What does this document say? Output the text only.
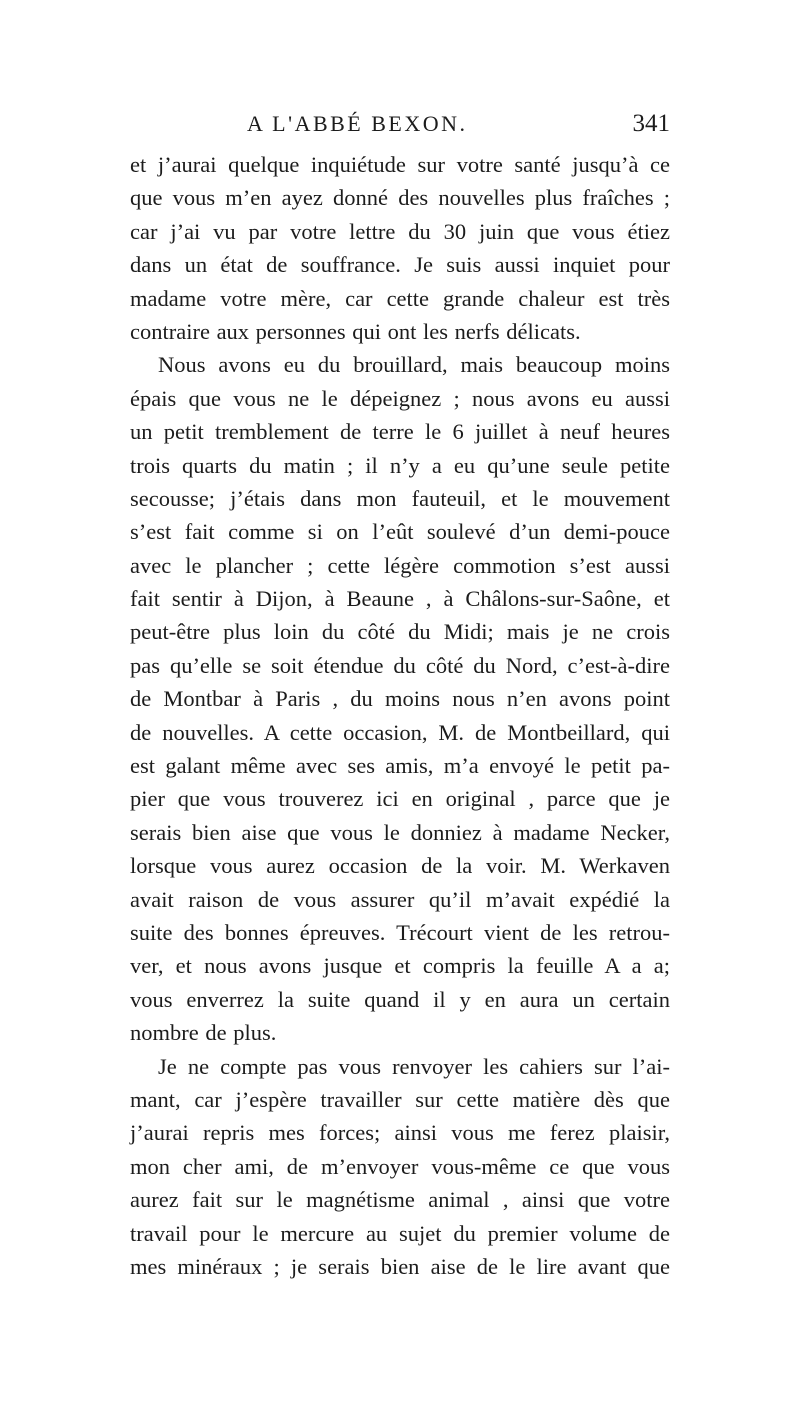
A L'ABBÉ BEXON.	341
et j’aurai quelque inquiétude sur votre santé jusqu’à ce
que vous m’en ayez donné des nouvelles plus fraîches ;
car j’ai vu par votre lettre du 30 juin que vous étiez
dans un état de souffrance. Je suis aussi inquiet pour
madame votre mère, car cette grande chaleur est très
contraire aux personnes qui ont les nerfs délicats.
Nous avons eu du brouillard, mais beaucoup moins
épais que vous ne le dépeignez ; nous avons eu aussi
un petit tremblement de terre le 6 juillet à neuf heures
trois quarts du matin ; il n’y a eu qu’une seule petite
secousse; j’étais dans mon fauteuil, et le mouvement
s’est fait comme si on l’eût soulevé d’un demi-pouce
avec le plancher ; cette légère commotion s’est aussi
fait sentir à Dijon, à Beaune , à Châlons-sur-Saône, et
peut-être plus loin du côté du Midi; mais je ne crois
pas qu’elle se soit étendue du côté du Nord, c’est-à-dire
de Montbar à Paris , du moins nous n’en avons point
de nouvelles. A cette occasion, M. de Montbeillard, qui
est galant même avec ses amis, m’a envoyé le petit pa-
pier que vous trouverez ici en original , parce que je
serais bien aise que vous le donniez à madame Necker,
lorsque vous aurez occasion de la voir. M. Werkaven
avait raison de vous assurer qu’il m’avait expédié la
suite des bonnes épreuves. Trécourt vient de les retrou-
ver, et nous avons jusque et compris la feuille A a a;
vous enverrez la suite quand il y en aura un certain
nombre de plus.
Je ne compte pas vous renvoyer les cahiers sur l’ai-
mant, car j’espère travailler sur cette matière dès que
j’aurai repris mes forces; ainsi vous me ferez plaisir,
mon cher ami, de m’envoyer vous-même ce que vous
aurez fait sur le magnétisme animal , ainsi que votre
travail pour le mercure au sujet du premier volume de
mes minéraux ; je serais bien aise de le lire avant que
